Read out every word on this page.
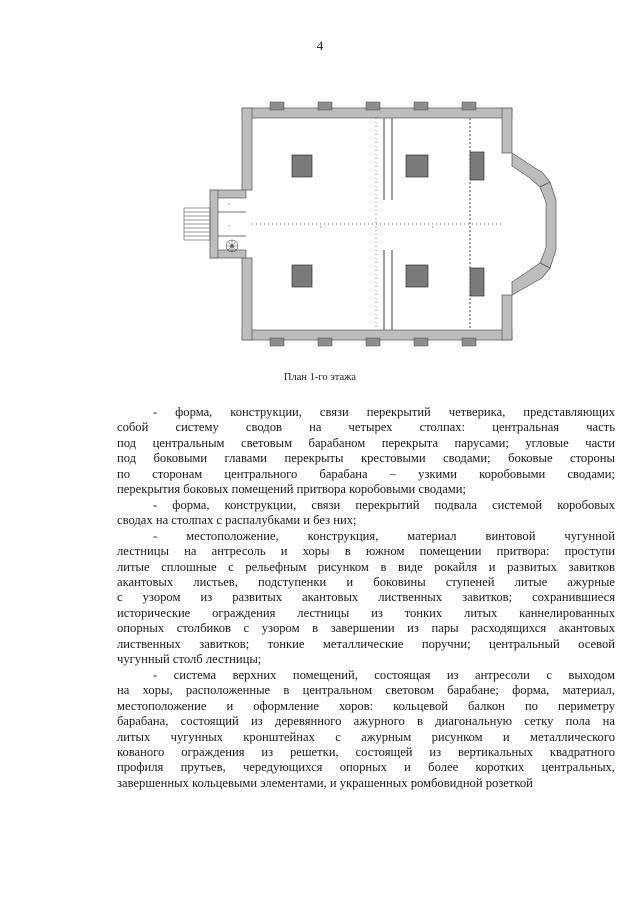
4
6
7	3	1
План 1-го этажа

- форма, конструкции, связи перекрытий четверика, представляющих

собой систему сводов на четырех столпах: центральная часть

под центральным световым барабаном перекрыта парусами; угловые части

под боковыми главами перекрыты крестовыми сводами; боковые стороны

по сторонам центрального барабана – узкими коробовыми сводами;

перекрытия боковых помещений притвора коробовыми сводами;

- форма, конструкции, связи перекрытий подвала системой коробовых

сводах на столпах с распалубками и без них;

- местоположение, конструкция, материал винтовой чугунной

лестницы на антресоль и хоры в южном помещении притвора: проступи

литые сплошные с рельефным рисунком в виде рокайля и развитых завитков

акантовых листьев, подступенки и боковины ступеней литые ажурные

с узором из развитых акантовых лиственных завитков; сохранившиеся

исторические ограждения лестницы из тонких литых каннелированных

опорных столбиков с узором в завершении из пары расходящихся акантовых

лиственных завитков; тонкие металлические поручни; центральный осевой

чугунный столб лестницы;

- система верхних помещений, состоящая из антресоли с выходом

на хоры, расположенные в центральном световом барабане; форма, материал,

местоположение и оформление хоров: кольцевой балкон по периметру

барабана, состоящий из деревянного ажурного в диагональную сетку пола на

литых чугунных кронштейнах с ажурным рисунком и металлического

кованого ограждения из решетки, состоящей из вертикальных квадратного

профиля прутьев, чередующихся опорных и более коротких центральных,

завершенных кольцевыми элементами, и украшенных ромбовидной розеткой
